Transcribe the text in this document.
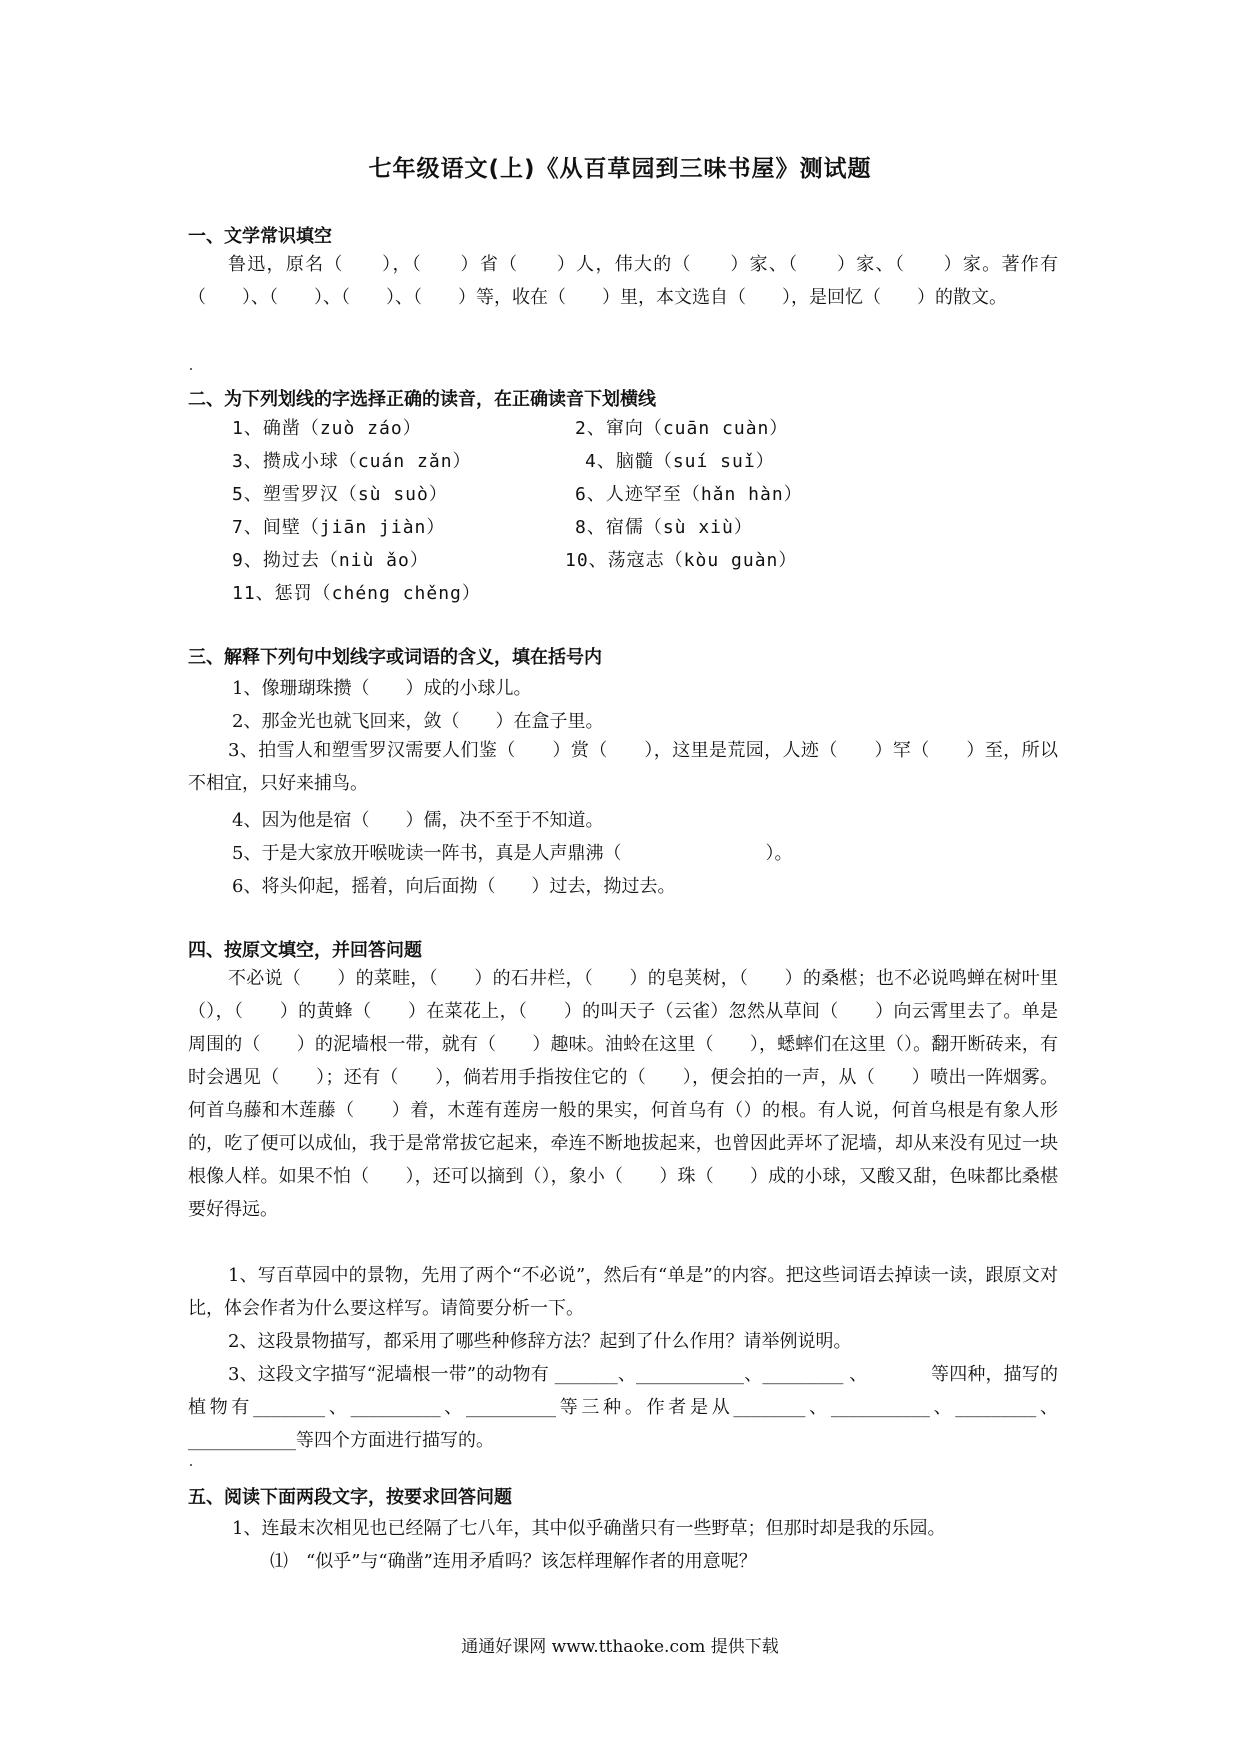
七年级语文(上)《从百草园到三味书屋》测试题
一、文学常识填空
鲁迅，原名（　　），（　　）省（　　）人，伟大的（　　）家、（　　）家、（　　）家。著作有（　　）、（　　）、（　　）、（　　）等，收在（　　）里，本文选自（　　），是回忆（　　）的散文。
二、为下列划线的字选择正确的读音，在正确读音下划横线
1、确凿（zuò záo）	2、窜向（cuān cuàn）
3、攒成小球（cuán zǎn）	4、脑髓（suí suǐ）
5、塑雪罗汉（sù suò）	6、人迹罕至（hǎn hàn）
7、间壁（jiān jiàn）	8、宿儒（sù xiù）
9、拗过去（niù ǎo）	10、荡寇志（kòu guàn）
11、惩罚（chéng chěng）
三、解释下列句中划线字或词语的含义，填在括号内
1、像珊瑚珠攒（　　）成的小球儿。
2、那金光也就飞回来，敛（　　）在盒子里。
3、拍雪人和塑雪罗汉需要人们鉴（　　）赏（　　），这里是荒园，人迹（　　）罕（　　）至，所以不相宜，只好来捕鸟。
4、因为他是宿（　　）儒，决不至于不知道。
5、于是大家放开喉咙读一阵书，真是人声鼎沸（　　　　　　　　）。
6、将头仰起，摇着，向后面拗（　　）过去，拗过去。
四、按原文填空，并回答问题
不必说（　　）的菜畦，（　　）的石井栏，（　　）的皂荚树，（　　）的桑椹；也不必说鸣蝉在树叶里（），（　　）的黄蜂（　　）在菜花上，（　　）的叫天子（云雀）忽然从草间（　　）向云霄里去了。单是周围的（　　）的泥墙根一带，就有（　　）趣味。油蛉在这里（　　），蟋蟀们在这里（）。翻开断砖来，有时会遇见（　　）；还有（　　），倘若用手指按住它的（　　），便会拍的一声，从（　　）喷出一阵烟雾。何首乌藤和木莲藤（　　）着，木莲有莲房一般的果实，何首乌有（）的根。有人说，何首乌根是有象人形的，吃了便可以成仙，我于是常常拔它起来，牵连不断地拔起来，也曾因此弄坏了泥墙，却从来没有见过一块根像人样。如果不怕（　　），还可以摘到（），象小（　　）珠（　　）成的小球，又酸又甜，色味都比桑椹要好得远。
1、写百草园中的景物，先用了两个“不必说”，然后有“单是”的内容。把这些词语去掉读一读，跟原文对比，体会作者为什么要这样写。请简要分析一下。
2、这段景物描写，都采用了哪些种修辞方法？起到了什么作用？请举例说明。
3、这段文字描写“泥墙根一带”的动物有 _______、____________、_________ 、　　　　等四种，描写的植物有________、__________、__________等三种。作者是从________、___________、_________、____________等四个方面进行描写的。
五、阅读下面两段文字，按要求回答问题
1、连最末次相见也已经隔了七八年，其中似乎确凿只有一些野草；但那时却是我的乐园。
⑴　“似乎”与“确凿”连用矛盾吗？该怎样理解作者的用意呢？
通通好课网 www.tthaoke.com 提供下载
